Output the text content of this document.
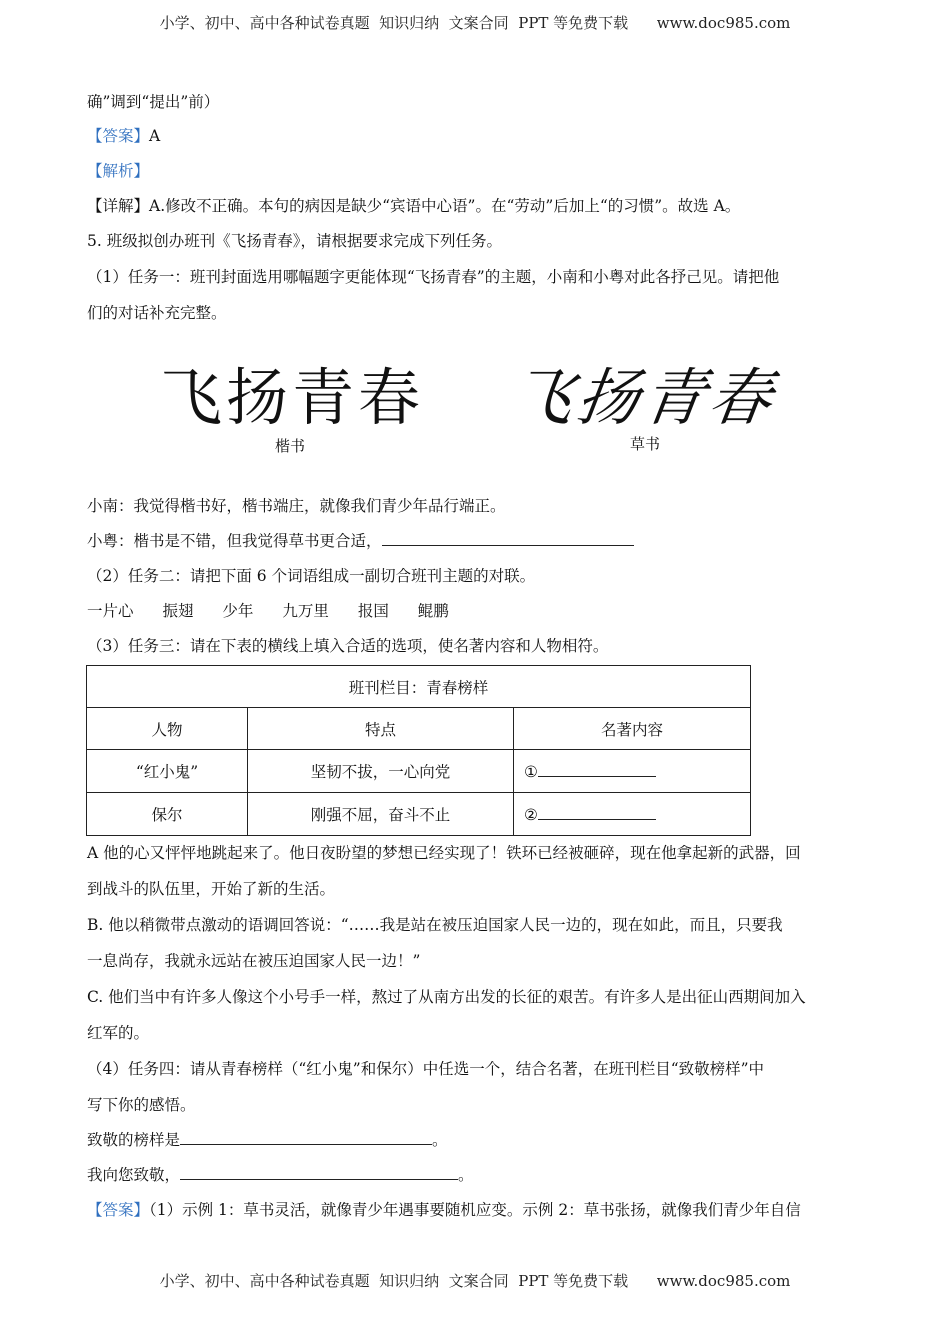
小学、初中、高中各种试卷真题  知识归纳  文案合同  PPT 等免费下载      www.doc985.com
确”调到“提出”前）
【答案】A
【解析】
【详解】A.修改不正确。本句的病因是缺少“宾语中心语”。在“劳动”后加上“的习惯”。故选 A。
5. 班级拟创办班刊《飞扬青春》，请根据要求完成下列任务。
（1）任务一：班刊封面选用哪幅题字更能体现“飞扬青春”的主题，小南和小粤对此各抒己见。请把他
们的对话补充完整。
飞扬青春 飞扬青春
楷书	草书
小南：我觉得楷书好，楷书端庄，就像我们青少年品行端正。
小粤：楷书是不错，但我觉得草书更合适，
（2）任务二：请把下面 6 个词语组成一副切合班刊主题的对联。
一片心 振翅 少年 九万里 报国 鲲鹏
（3）任务三：请在下表的横线上填入合适的选项，使名著内容和人物相符。
班刊栏目：青春榜样		
人物	特点	名著内容
“红小鬼”	坚韧不拔，一心向党	①
保尔	刚强不屈，奋斗不止	②
A 他的心又怦怦地跳起来了。他日夜盼望的梦想已经实现了！铁环已经被砸碎，现在他拿起新的武器，回
到战斗的队伍里，开始了新的生活。
B. 他以稍微带点激动的语调回答说：“……我是站在被压迫国家人民一边的，现在如此，而且，只要我
一息尚存，我就永远站在被压迫国家人民一边！”
C. 他们当中有许多人像这个小号手一样，熬过了从南方出发的长征的艰苦。有许多人是出征山西期间加入
红军的。
（4）任务四：请从青春榜样（“红小鬼”和保尔）中任选一个，结合名著，在班刊栏目“致敬榜样”中
写下你的感悟。
致敬的榜样是	。
我向您致敬，	。
【答案】（1）示例 1：草书灵活，就像青少年遇事要随机应变。示例 2：草书张扬，就像我们青少年自信
小学、初中、高中各种试卷真题  知识归纳  文案合同  PPT 等免费下载      www.doc985.com
